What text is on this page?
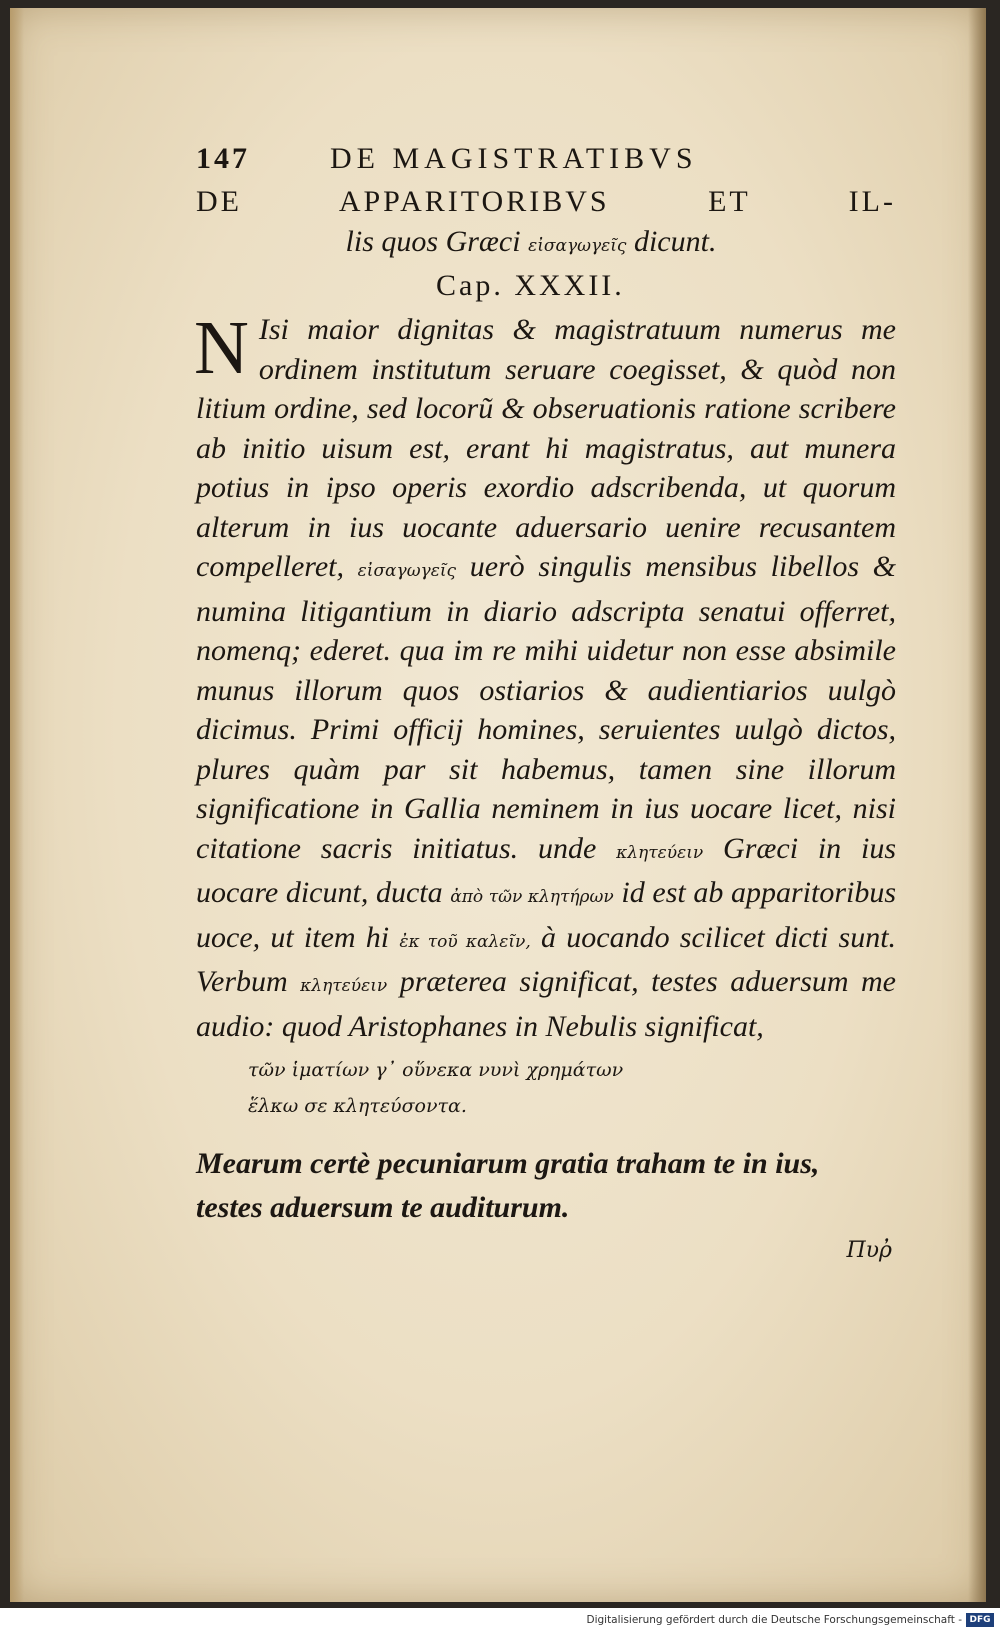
147	DE MAGISTRATIBVS
DE APPARITORIBVS ET IL-
lis quos Græci εἰσαγωγεῖς dicunt.
Cap. XXXII.
N Isi maior dignitas & magistratuum numerus me ordinem institutum seruare coegisset, & quòd non litium ordine, sed locorũ & obseruationis ratione scribere ab initio uisum est, erant hi magistratus, aut munera potius in ipso operis exordio adscribenda, ut quorum alterum in ius uocante aduersario uenire recusantem compelleret, εἰσαγωγεῖς uerò singulis mensibus libellos & numina litigantium in diario adscripta senatui offerret, nomenq; ederet. qua im re mihi uidetur non esse absimile munus illorum quos ostiarios & audientiarios uulgò dicimus. Primi officij homines, seruientes uulgò dictos, plures quàm par sit habemus, tamen sine illorum significatione in Gallia neminem in ius uocare licet, nisi citatione sacris initiatus. unde κλητεύειν Græci in ius uocare dicunt, ducta ἀπὸ τῶν κλητήρων id est ab apparitoribus uoce, ut item hi ἐκ τοῦ καλεῖν, à uocando scilicet dicti sunt. Verbum κλητεύειν præterea significat, testes aduersum me audio: quod Aristophanes in Nebulis significat,
τῶν ἱματίων γ᾽ οὕνεκα νυνὶ χρημάτων
ἕλκω σε κλητεύσοντα.
Mearum certè pecuniarum gratia traham te in ius, testes aduersum te auditurum.
Πυῤ
Digitalisierung gefördert durch die Deutsche Forschungsgemeinschaft - DFG
